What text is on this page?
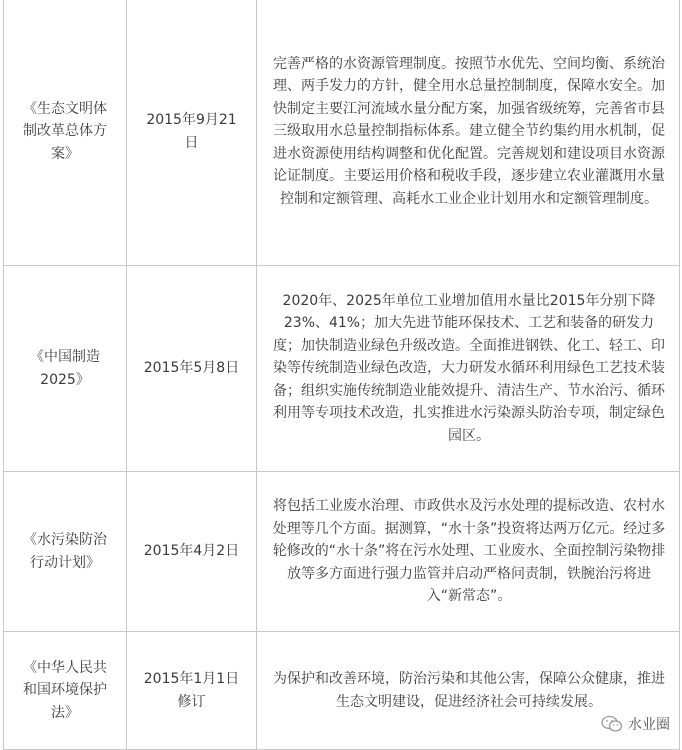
《生态文明体制改革总体方案》	2015年9月21日	完善严格的水资源管理制度。按照节水优先、空间均衡、系统治理、两手发力的方针，健全用水总量控制制度，保障水安全。加快制定主要江河流域水量分配方案，加强省级统筹，完善省市县三级取用水总量控制指标体系。建立健全节约集约用水机制，促进水资源使用结构调整和优化配置。完善规划和建设项目水资源论证制度。主要运用价格和税收手段，逐步建立农业灌溉用水量控制和定额管理、高耗水工业企业计划用水和定额管理制度。
《中国制造2025》	2015年5月8日	2020年、2025年单位工业增加值用水量比2015年分别下降23%、41%；加大先进节能环保技术、工艺和装备的研发力度；加快制造业绿色升级改造。全面推进钢铁、化工、轻工、印染等传统制造业绿色改造，大力研发水循环利用绿色工艺技术装备；组织实施传统制造业能效提升、清洁生产、节水治污、循环利用等专项技术改造，扎实推进水污染源头防治专项，制定绿色园区。
《水污染防治行动计划》	2015年4月2日	将包括工业废水治理、市政供水及污水处理的提标改造、农村水处理等几个方面。据测算，“水十条”投资将达两万亿元。经过多轮修改的“水十条”将在污水处理、工业废水、全面控制污染物排放等多方面进行强力监管并启动严格问责制，铁腕治污将进入“新常态”。
《中华人民共和国环境保护法》	2015年1月1日修订	为保护和改善环境，防治污染和其他公害，保障公众健康，推进生态文明建设，促进经济社会可持续发展。
水业圈
